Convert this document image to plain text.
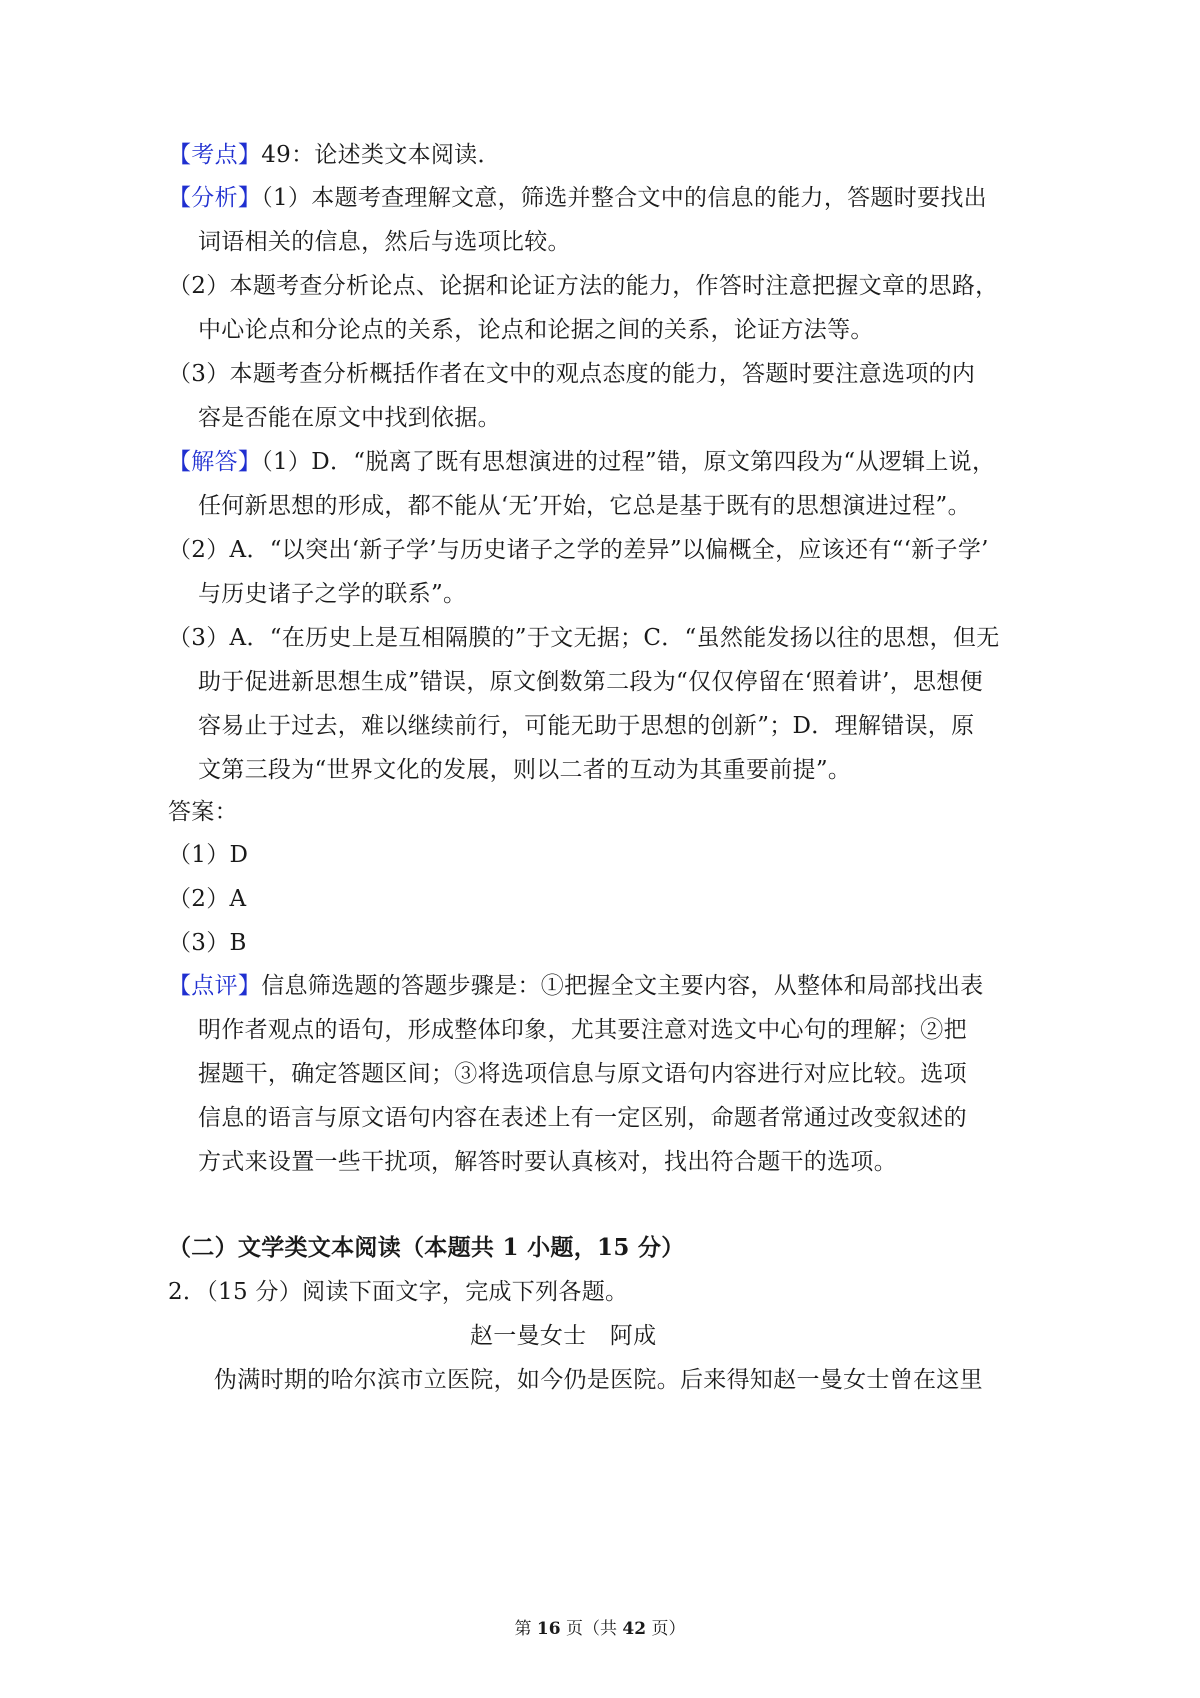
【考点】49：论述类文本阅读．
【分析】（1）本题考查理解文意，筛选并整合文中的信息的能力，答题时要找出
词语相关的信息，然后与选项比较。
（2）本题考查分析论点、论据和论证方法的能力，作答时注意把握文章的思路，
中心论点和分论点的关系，论点和论据之间的关系，论证方法等。
（3）本题考查分析概括作者在文中的观点态度的能力，答题时要注意选项的内
容是否能在原文中找到依据。
【解答】（1）D．“脱离了既有思想演进的过程”错，原文第四段为“从逻辑上说，
任何新思想的形成，都不能从‘无’开始，它总是基于既有的思想演进过程”。
（2）A．“以突出‘新子学’与历史诸子之学的差异”以偏概全，应该还有“‘新子学’
与历史诸子之学的联系”。
（3）A．“在历史上是互相隔膜的”于文无据；C．“虽然能发扬以往的思想，但无
助于促进新思想生成”错误，原文倒数第二段为“仅仅停留在‘照着讲’，思想便
容易止于过去，难以继续前行，可能无助于思想的创新”；D．理解错误，原
文第三段为“世界文化的发展，则以二者的互动为其重要前提”。
答案：
（1）D
（2）A
（3）B
【点评】信息筛选题的答题步骤是：①把握全文主要内容，从整体和局部找出表
明作者观点的语句，形成整体印象，尤其要注意对选文中心句的理解；②把
握题干，确定答题区间；③将选项信息与原文语句内容进行对应比较。选项
信息的语言与原文语句内容在表述上有一定区别，命题者常通过改变叙述的
方式来设置一些干扰项，解答时要认真核对，找出符合题干的选项。
（二）文学类文本阅读（本题共 1 小题，15 分）
2．（15 分）阅读下面文字，完成下列各题。
赵一曼女士　阿成
伪满时期的哈尔滨市立医院，如今仍是医院。后来得知赵一曼女士曾在这里
第 16 页（共 42 页）
